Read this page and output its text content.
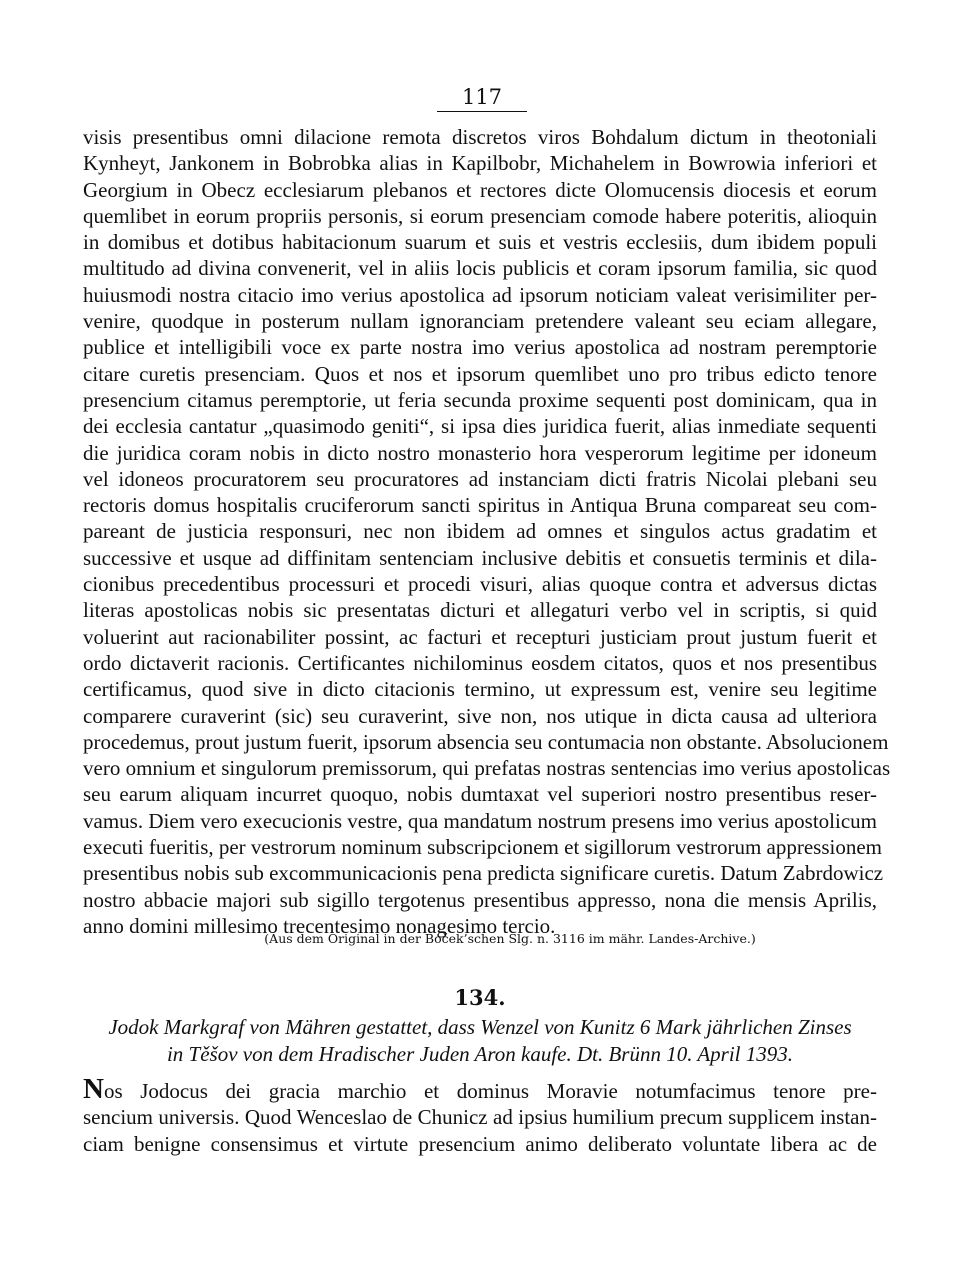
117
visis presentibus omni dilacione remota discretos viros Bohdalum dictum in theotoniali
Kynheyt, Jankonem in Bobrobka alias in Kapilbobr, Michahelem in Bowrowia inferiori et
Georgium in Obecz ecclesiarum plebanos et rectores dicte Olomucensis diocesis et eorum
quemlibet in eorum propriis personis, si eorum presenciam comode habere poteritis, alioquin
in domibus et dotibus habitacionum suarum et suis et vestris ecclesiis, dum ibidem populi
multitudo ad divina convenerit, vel in aliis locis publicis et coram ipsorum familia, sic quod
huiusmodi nostra citacio imo verius apostolica ad ipsorum noticiam valeat verisimiliter per-
venire, quodque in posterum nullam ignoranciam pretendere valeant seu eciam allegare,
publice et intelligibili voce ex parte nostra imo verius apostolica ad nostram peremptorie
citare curetis presenciam. Quos et nos et ipsorum quemlibet uno pro tribus edicto tenore
presencium citamus peremptorie, ut feria secunda proxime sequenti post dominicam, qua in
dei ecclesia cantatur „quasimodo geniti“, si ipsa dies juridica fuerit, alias inmediate sequenti
die juridica coram nobis in dicto nostro monasterio hora vesperorum legitime per idoneum
vel idoneos procuratorem seu procuratores ad instanciam dicti fratris Nicolai plebani seu
rectoris domus hospitalis cruciferorum sancti spiritus in Antiqua Bruna compareat seu com-
pareant de justicia responsuri, nec non ibidem ad omnes et singulos actus gradatim et
successive et usque ad diffinitam sentenciam inclusive debitis et consuetis terminis et dila-
cionibus precedentibus processuri et procedi visuri, alias quoque contra et adversus dictas
literas apostolicas nobis sic presentatas dicturi et allegaturi verbo vel in scriptis, si quid
voluerint aut racionabiliter possint, ac facturi et recepturi justiciam prout justum fuerit et
ordo dictaverit racionis. Certificantes nichilominus eosdem citatos, quos et nos presentibus
certificamus, quod sive in dicto citacionis termino, ut expressum est, venire seu legitime
comparere curaverint (sic) seu curaverint, sive non, nos utique in dicta causa ad ulteriora
procedemus, prout justum fuerit, ipsorum absencia seu contumacia non obstante. Absolucionem
vero omnium et singulorum premissorum, qui prefatas nostras sentencias imo verius apostolicas
seu earum aliquam incurret quoquo, nobis dumtaxat vel superiori nostro presentibus reser-
vamus. Diem vero execucionis vestre, qua mandatum nostrum presens imo verius apostolicum
executi fueritis, per vestrorum nominum subscripcionem et sigillorum vestrorum appressionem
presentibus nobis sub excommunicacionis pena predicta significare curetis. Datum Zabrdowicz
nostro abbacie majori sub sigillo tergotenus presentibus appresso, nona die mensis Aprilis,
anno domini millesimo trecentesimo nonagesimo tercio.
(Aus dem Original in der Boček’schen Slg. n. 3116 im mähr. Landes-Archive.)
134.
Jodok Markgraf von Mähren gestattet, dass Wenzel von Kunitz 6 Mark jährlichen Zinses
in Těšov von dem Hradischer Juden Aron kaufe. Dt. Brünn 10. April 1393.
Nos Jodocus dei gracia marchio et dominus Moravie notumfacimus tenore pre-
sencium universis. Quod Wenceslao de Chunicz ad ipsius humilium precum supplicem instan-
ciam benigne consensimus et virtute presencium animo deliberato voluntate libera ac de
